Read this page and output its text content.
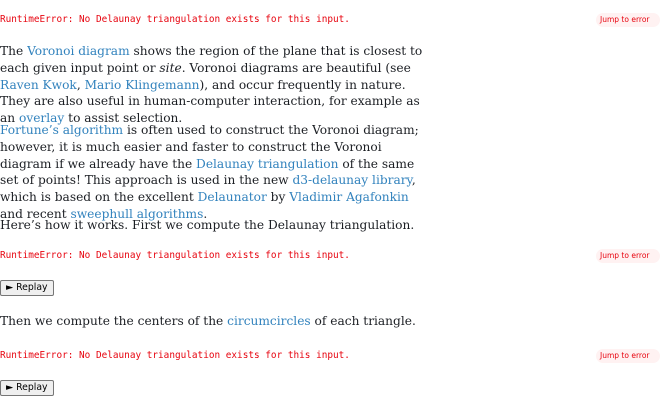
RuntimeError: No Delaunay triangulation exists for this input.	Jump to error

The Voronoi diagram shows the region of the plane that is closest to each given input point or site. Voronoi diagrams are beautiful (see Raven Kwok, Mario Klingemann), and occur frequently in nature. They are also useful in human-computer interaction, for example as an overlay to assist selection.

Fortune’s algorithm is often used to construct the Voronoi diagram; however, it is much easier and faster to construct the Voronoi diagram if we already have the Delaunay triangulation of the same set of points! This approach is used in the new d3-delaunay library, which is based on the excellent Delaunator by Vladimir Agafonkin and recent sweephull algorithms.

Here’s how it works. First we compute the Delaunay triangulation.

RuntimeError: No Delaunay triangulation exists for this input.	Jump to error
► Replay

Then we compute the centers of the circumcircles of each triangle.

RuntimeError: No Delaunay triangulation exists for this input.	Jump to error
► Replay
